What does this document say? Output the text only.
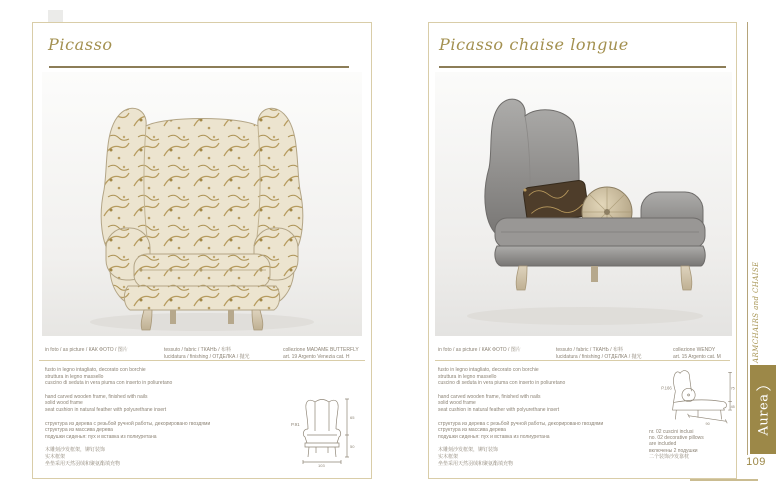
Picasso
in foto / as picture / КАК ФОТО / 图片	tessuto / fabric / ТКАНЬ / 布料
lucidatura / finishing / ОТДЕЛКА / 抛光
collezione MADAME BUTTERFLY
art. 19 Argento Venezia cat. H
fusto in legno intagliato, decorato con borchie
struttura in legno massello
cuscino di seduta in vera piuma con inserto in poliuretano
hand carved wooden frame, finished with nails
solid wood frame
seat cushion in natural feather with polyurethane insert
структура из дерева с резьбой ручной работы, декорировано гвоздями
структура из массива дерева
подушки сиденья: пух и вставка из полиуретана
木雕刻沙发框架，铆钉装饰
实木框架
坐垫采用天然羽绒和聚氨酯填充物
P.91
65
50
103
Picasso chaise longue
in foto / as picture / КАК ФОТО / 图片	tessuto / fabric / ТКАНЬ / 布料
lucidatura / finishing / ОТДЕЛКА / 抛光
collezione WENDY
art. 15 Argento cat. M
fusto in legno intagliato, decorato con borchie
struttura in legno massello
cuscino di seduta in vera piuma con inserto in poliuretano
hand carved wooden frame, finished with nails
solid wood frame
seat cushion in natural feather with polyurethane insert
структура из дерева с резьбой ручной работы, декорировано гвоздями
структура из массива дерева
подушки сиденья: пух и вставка из полиуретана
木雕刻沙发框架，铆钉装饰
实木框架
坐垫采用天然羽绒和聚氨酯填充物
P.166	75
45
90
nr. 02 cuscini inclusi
no. 02 decorative pillows
are included
включены 2 подушки
二个装饰沙发靠枕
ARMCHAIRS and CHAISE
Aurea
109
